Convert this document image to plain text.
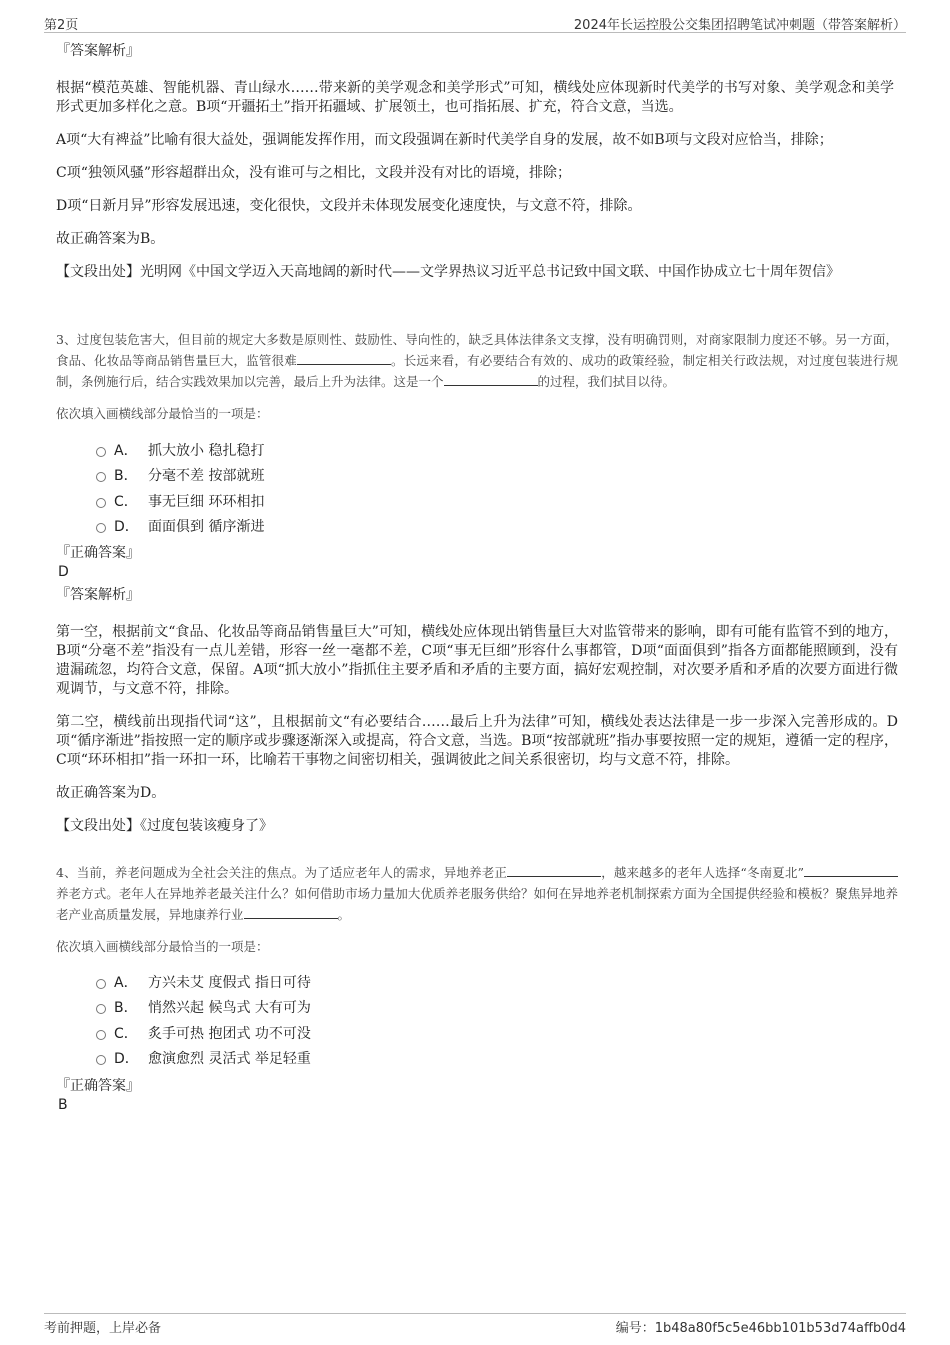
第2页	2024年长运控股公交集团招聘笔试冲刺题（带答案解析）

『答案解析』

根据“模范英雄、智能机器、青山绿水……带来新的美学观念和美学形式”可知，横线处应体现新时代美学的书写对象、美学观念和美学形式更加多样化之意。B项“开疆拓土”指开拓疆域、扩展领土，也可指拓展、扩充，符合文意，当选。

A项“大有裨益”比喻有很大益处，强调能发挥作用，而文段强调在新时代美学自身的发展，故不如B项与文段对应恰当，排除；

C项“独领风骚”形容超群出众，没有谁可与之相比，文段并没有对比的语境，排除；

D项“日新月异”形容发展迅速，变化很快，文段并未体现发展变化速度快，与文意不符，排除。

故正确答案为B。

【文段出处】光明网《中国文学迈入天高地阔的新时代——文学界热议习近平总书记致中国文联、中国作协成立七十周年贺信》

3、过度包装危害大，但目前的规定大多数是原则性、鼓励性、导向性的，缺乏具体法律条文支撑，没有明确罚则，对商家限制力度还不够。另一方面，食品、化妆品等商品销售量巨大，监管很难	。长远来看，有必要结合有效的、成功的政策经验，制定相关行政法规，对过度包装进行规制，条例施行后，结合实践效果加以完善，最后上升为法律。这是一个	的过程，我们拭目以待。
依次填入画横线部分最恰当的一项是：
A． 抓大放小 稳扎稳打
B． 分毫不差 按部就班
C． 事无巨细 环环相扣
D． 面面俱到 循序渐进

『正确答案』

D

『答案解析』

第一空，根据前文“食品、化妆品等商品销售量巨大”可知，横线处应体现出销售量巨大对监管带来的影响，即有可能有监管不到的地方，B项“分毫不差”指没有一点儿差错，形容一丝一毫都不差，C项“事无巨细”形容什么事都管，D项“面面俱到”指各方面都能照顾到，没有遗漏疏忽，均符合文意，保留。A项“抓大放小”指抓住主要矛盾和矛盾的主要方面，搞好宏观控制，对次要矛盾和矛盾的次要方面进行微观调节，与文意不符，排除。

第二空，横线前出现指代词“这”，且根据前文“有必要结合……最后上升为法律”可知，横线处表达法律是一步一步深入完善形成的。D项“循序渐进”指按照一定的顺序或步骤逐渐深入或提高，符合文意，当选。B项“按部就班”指办事要按照一定的规矩，遵循一定的程序，C项“环环相扣”指一环扣一环，比喻若干事物之间密切相关，强调彼此之间关系很密切，均与文意不符，排除。

故正确答案为D。

【文段出处】《过度包装该瘦身了》

4、当前，养老问题成为全社会关注的焦点。为了适应老年人的需求，异地养老正	，越来越多的老年人选择“冬南夏北”养老方式。老年人在异地养老最关注什么？如何借助市场力量加大优质养老服务供给？如何在异地养老机制探索方面为全国提供经验和模板？聚焦异地养老产业高质量发展，异地康养行业	。
依次填入画横线部分最恰当的一项是：
A． 方兴未艾 度假式 指日可待
B． 悄然兴起 候鸟式 大有可为
C． 炙手可热 抱团式 功不可没
D． 愈演愈烈 灵活式 举足轻重

『正确答案』

B

考前押题，上岸必备	编号：1b48a80f5c5e46bb101b53d74affb0d4
